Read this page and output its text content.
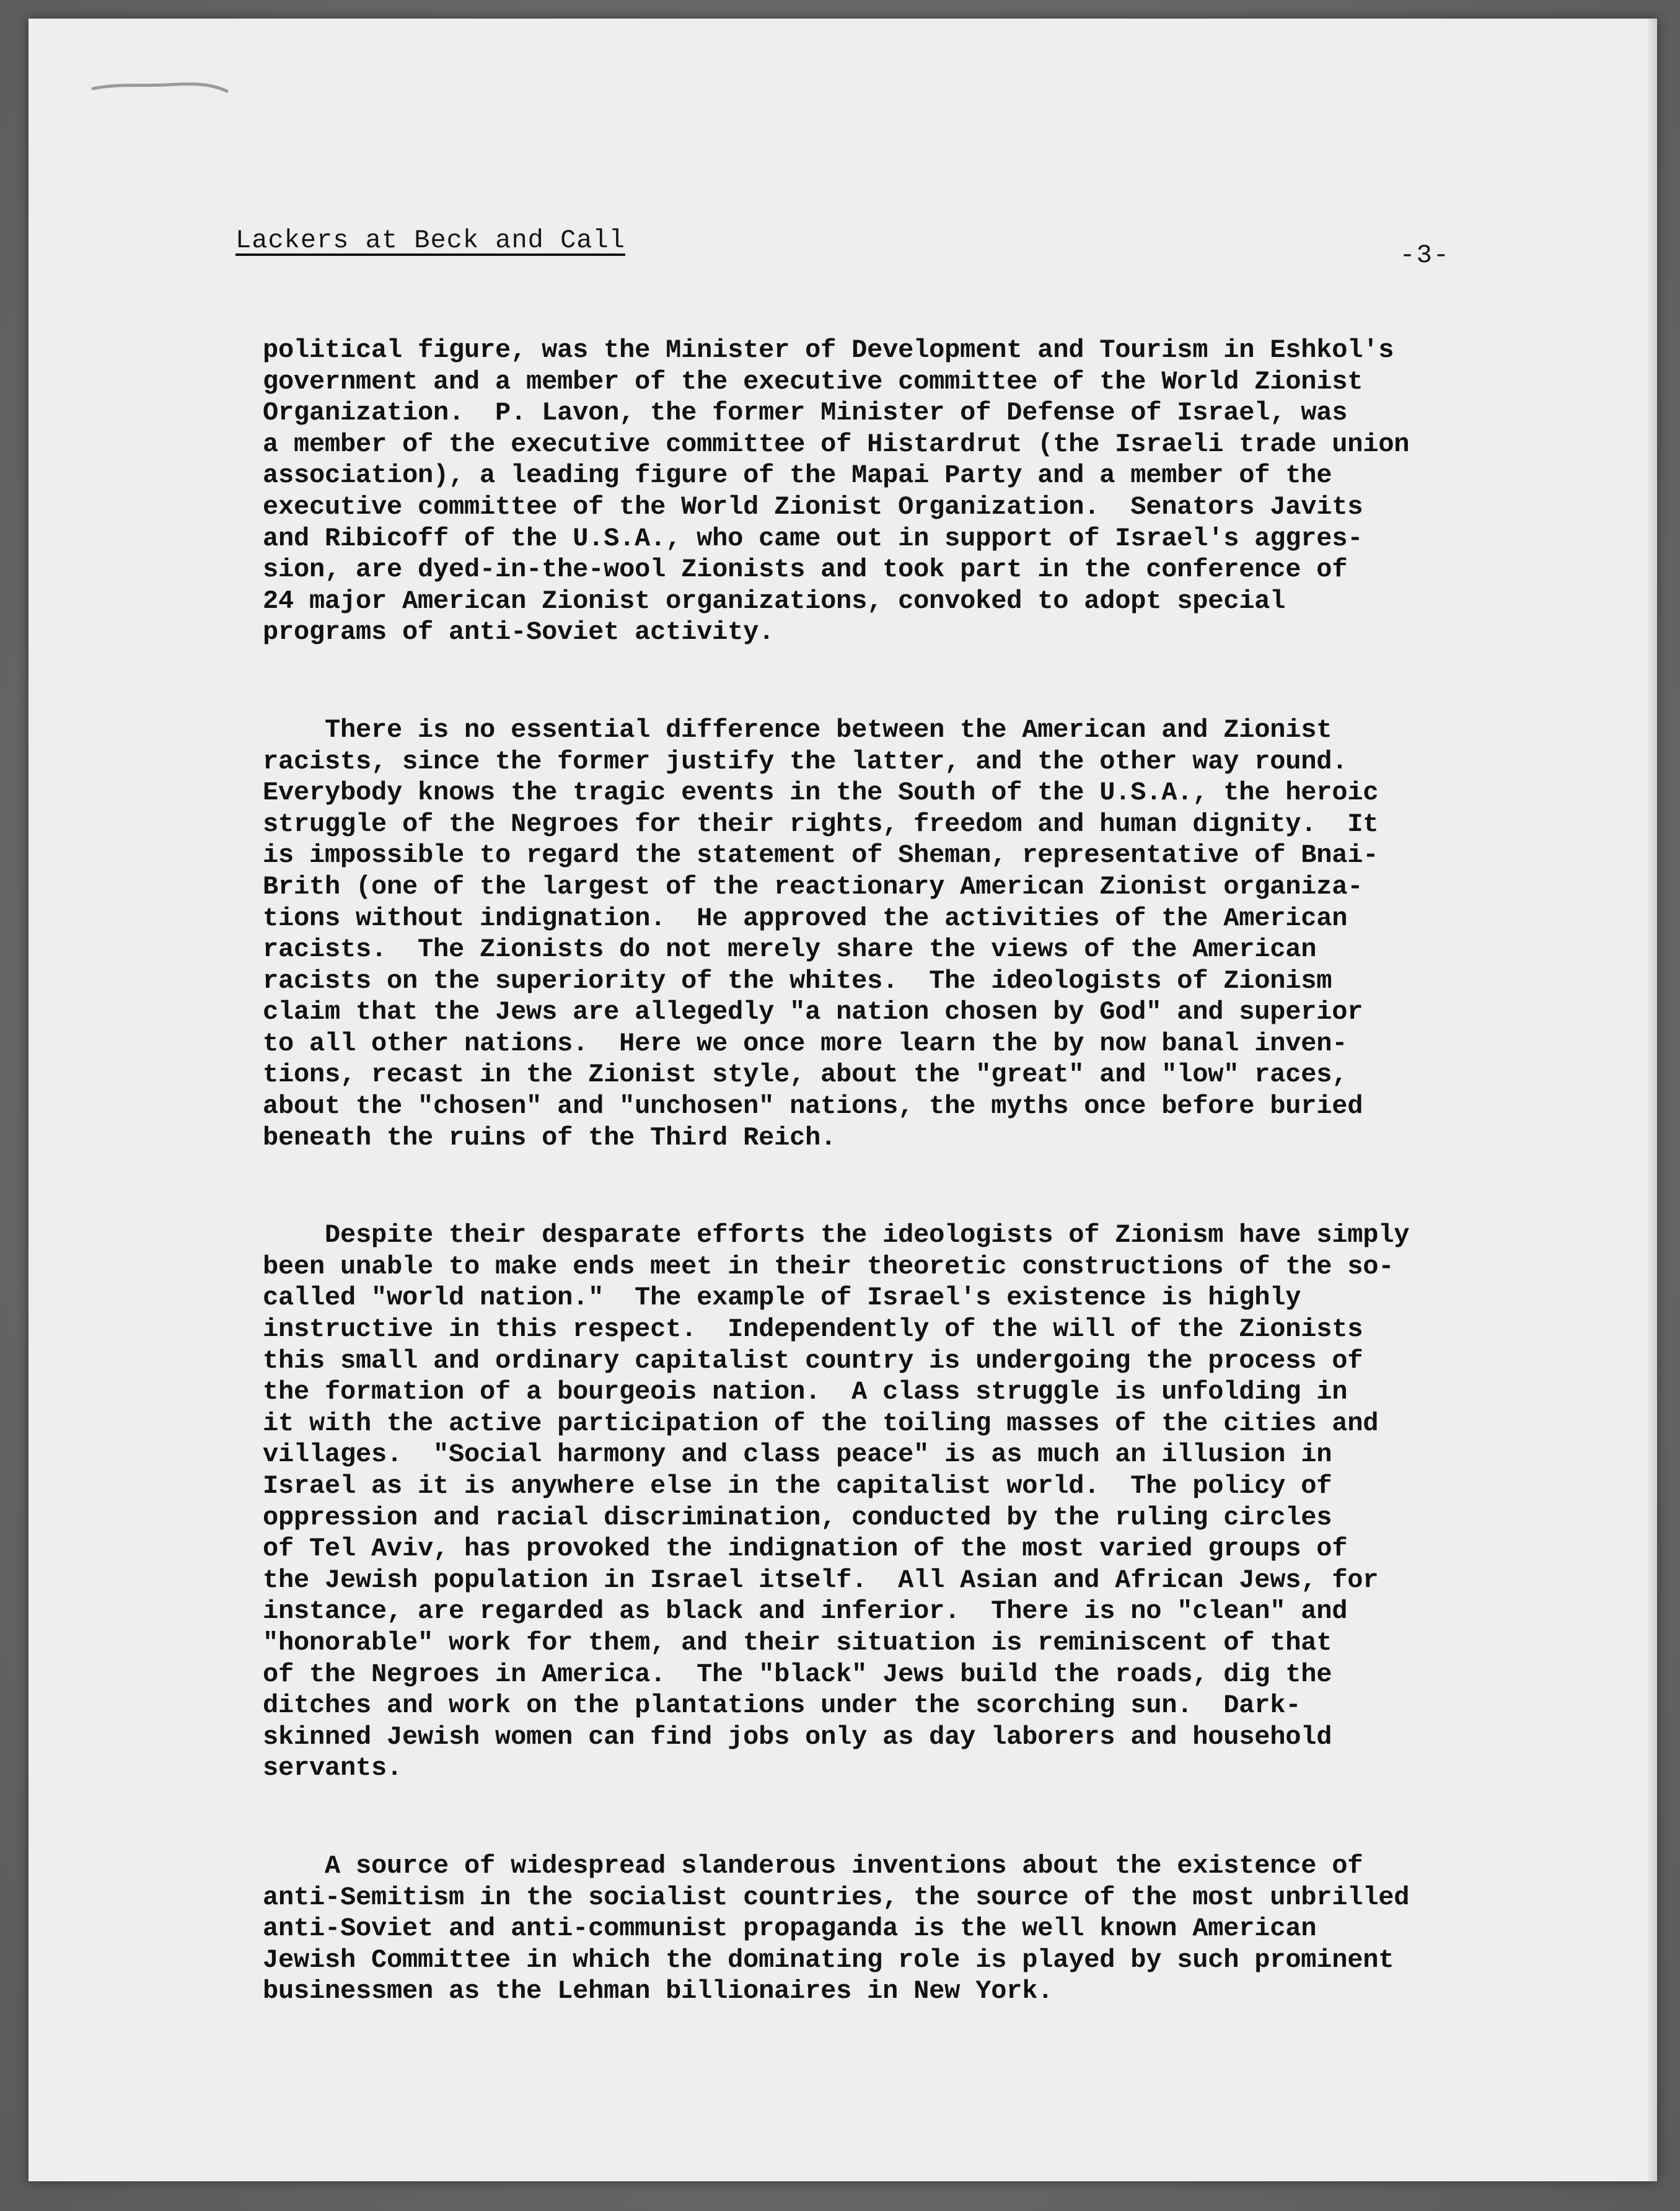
Lackers at Beck and Call	-3-
political figure, was the Minister of Development and Tourism in Eshkol's
government and a member of the executive committee of the World Zionist
Organization.  P. Lavon, the former Minister of Defense of Israel, was
a member of the executive committee of Histardrut (the Israeli trade union
association), a leading figure of the Mapai Party and a member of the
executive committee of the World Zionist Organization.  Senators Javits
and Ribicoff of the U.S.A., who came out in support of Israel's aggres-
sion, are dyed-in-the-wool Zionists and took part in the conference of
24 major American Zionist organizations, convoked to adopt special
programs of anti-Soviet activity.
There is no essential difference between the American and Zionist
racists, since the former justify the latter, and the other way round.
Everybody knows the tragic events in the South of the U.S.A., the heroic
struggle of the Negroes for their rights, freedom and human dignity.  It
is impossible to regard the statement of Sheman, representative of Bnai-
Brith (one of the largest of the reactionary American Zionist organiza-
tions without indignation.  He approved the activities of the American
racists.  The Zionists do not merely share the views of the American
racists on the superiority of the whites.  The ideologists of Zionism
claim that the Jews are allegedly "a nation chosen by God" and superior
to all other nations.  Here we once more learn the by now banal inven-
tions, recast in the Zionist style, about the "great" and "low" races,
about the "chosen" and "unchosen" nations, the myths once before buried
beneath the ruins of the Third Reich.
Despite their desparate efforts the ideologists of Zionism have simply
been unable to make ends meet in their theoretic constructions of the so-
called "world nation."  The example of Israel's existence is highly
instructive in this respect.  Independently of the will of the Zionists
this small and ordinary capitalist country is undergoing the process of
the formation of a bourgeois nation.  A class struggle is unfolding in
it with the active participation of the toiling masses of the cities and
villages.  "Social harmony and class peace" is as much an illusion in
Israel as it is anywhere else in the capitalist world.  The policy of
oppression and racial discrimination, conducted by the ruling circles
of Tel Aviv, has provoked the indignation of the most varied groups of
the Jewish population in Israel itself.  All Asian and African Jews, for
instance, are regarded as black and inferior.  There is no "clean" and
"honorable" work for them, and their situation is reminiscent of that
of the Negroes in America.  The "black" Jews build the roads, dig the
ditches and work on the plantations under the scorching sun.  Dark-
skinned Jewish women can find jobs only as day laborers and household
servants.
A source of widespread slanderous inventions about the existence of
anti-Semitism in the socialist countries, the source of the most unbrilled
anti-Soviet and anti-communist propaganda is the well known American
Jewish Committee in which the dominating role is played by such prominent
businessmen as the Lehman billionaires in New York.
